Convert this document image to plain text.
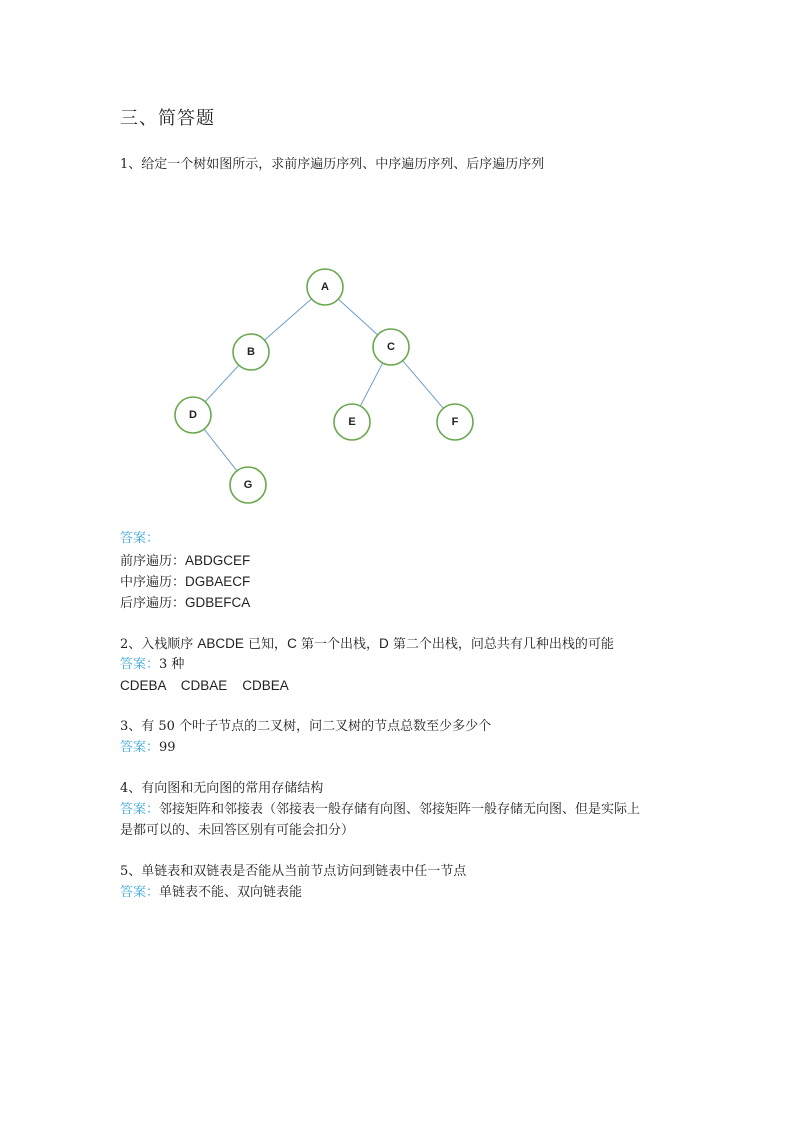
三、简答题
1、给定一个树如图所示，求前序遍历序列、中序遍历序列、后序遍历序列
A
B	C
D
E	F
G
答案：
前序遍历：ABDGCEF
中序遍历：DGBAECF
后序遍历：GDBEFCA
2、入栈顺序 ABCDE 已知，C 第一个出栈，D 第二个出栈，问总共有几种出栈的可能
答案：3 种
CDEBA    CDBAE    CDBEA
3、有 50 个叶子节点的二叉树，问二叉树的节点总数至少多少个
答案：99
4、有向图和无向图的常用存储结构
答案：邻接矩阵和邻接表（邻接表一般存储有向图、邻接矩阵一般存储无向图、但是实际上
是都可以的、未回答区别有可能会扣分）
5、单链表和双链表是否能从当前节点访问到链表中任一节点
答案：单链表不能、双向链表能
